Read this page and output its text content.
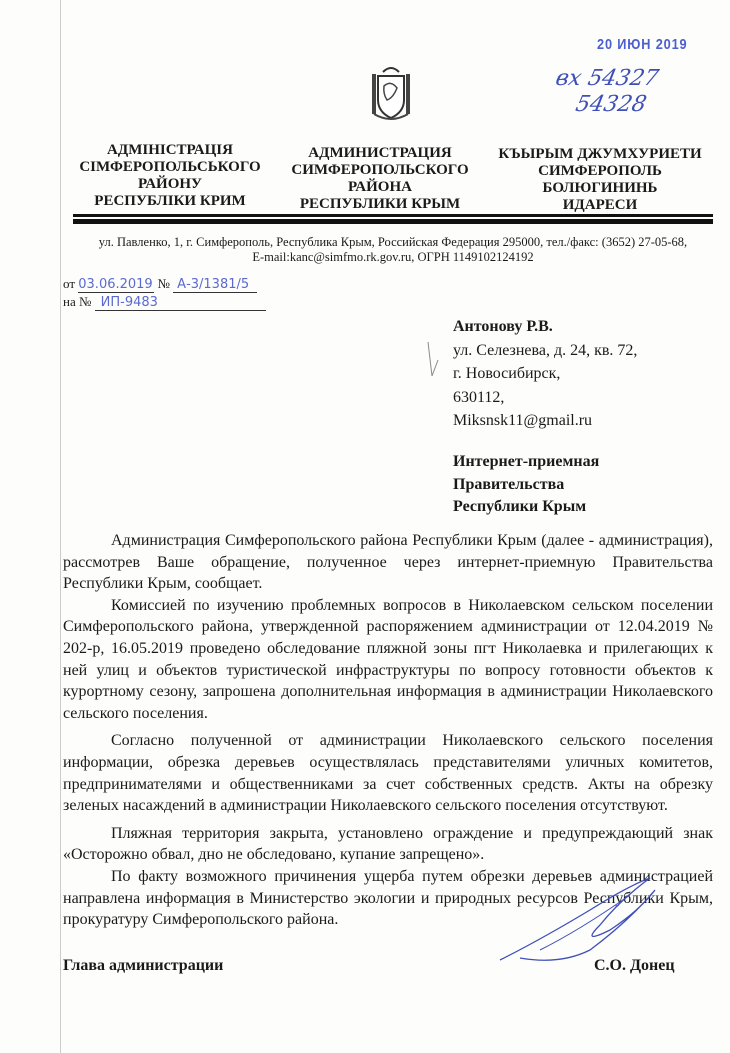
20 ИЮН 2019
вх 54327
54328
АДМІНІСТРАЦІЯ
СІМФЕРОПОЛЬСЬКОГО
РАЙОНУ
РЕСПУБЛІКИ КРИМ
АДМИНИСТРАЦИЯ
СИМФЕРОПОЛЬСКОГО
РАЙОНА
РЕСПУБЛИКИ КРЫМ
КЪЫРЫМ ДЖУМХУРИЕТИ
СИМФЕРОПОЛЬ
БОЛЮГИНИНЬ
ИДАРЕСИ
ул. Павленко, 1, г. Симферополь, Республика Крым, Российская Федерация 295000, тел./факс: (3652) 27-05-68,
E-mail:kanc@simfmo.rk.gov.ru, ОГРН 1149102124192
от 03.06.2019 № А-3/1381/5
на № ИП-9483
Антонову Р.В.
ул. Селезнева, д. 24, кв. 72,
г. Новосибирск,
630112,
Miksnsk11@gmail.ru
Интернет-приемная
Правительства
Республики Крым

Администрация Симферопольского района Республики Крым (далее - администрация), рассмотрев Ваше обращение, полученное через интернет-приемную Правительства Республики Крым, сообщает.

Комиссией по изучению проблемных вопросов в Николаевском сельском поселении Симферопольского района, утвержденной распоряжением администрации от 12.04.2019 № 202-р, 16.05.2019 проведено обследование пляжной зоны пгт Николаевка и прилегающих к ней улиц и объектов туристической инфраструктуры по вопросу готовности объектов к курортному сезону, запрошена дополнительная информация в администрации Николаевского сельского поселения.

Согласно полученной от администрации Николаевского сельского поселения информации, обрезка деревьев осуществлялась представителями уличных комитетов, предпринимателями и общественниками за счет собственных средств. Акты на обрезку зеленых насаждений в администрации Николаевского сельского поселения отсутствуют.

Пляжная территория закрыта, установлено ограждение и предупреждающий знак «Осторожно обвал, дно не обследовано, купание запрещено».

По факту возможного причинения ущерба путем обрезки деревьев администрацией направлена информация в Министерство экологии и природных ресурсов Республики Крым, прокуратуру Симферопольского района.

Глава администрации	С.О. Донец
